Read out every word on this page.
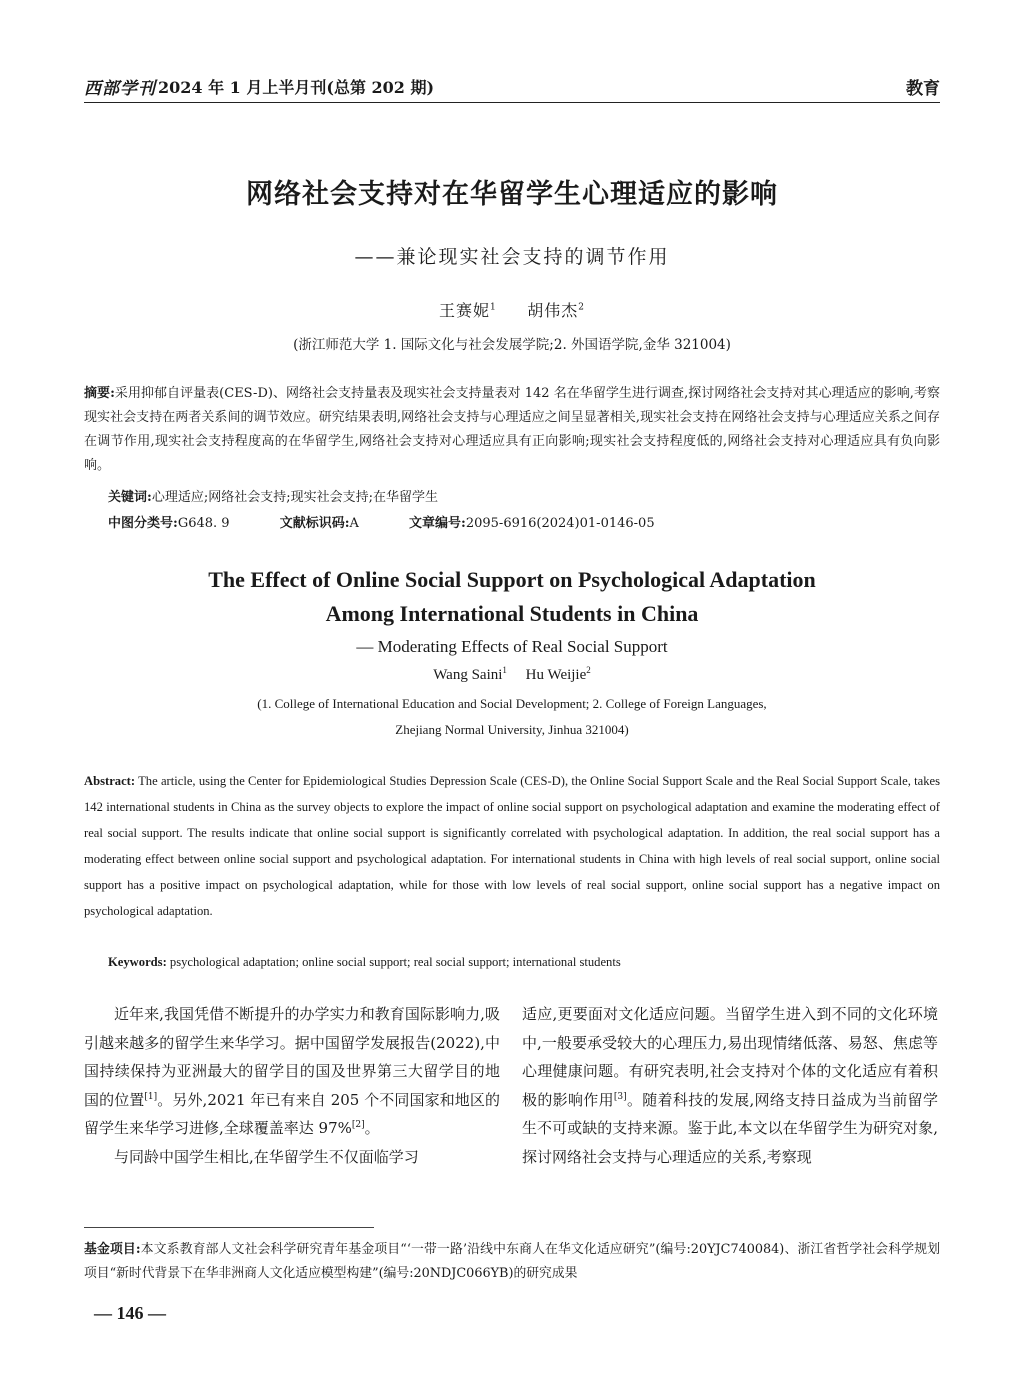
西部学刊 2024 年 1 月上半月刊(总第 202 期)	教育
网络社会支持对在华留学生心理适应的影响
——兼论现实社会支持的调节作用
王赛妮$^1$ 胡伟杰$^2$
(浙江师范大学 1. 国际文化与社会发展学院;2. 外国语学院,金华 321004)
摘要:采用抑郁自评量表(CES-D)、网络社会支持量表及现实社会支持量表对 142 名在华留学生进行调查,探讨网络社会支持对其心理适应的影响,考察现实社会支持在两者关系间的调节效应。研究结果表明,网络社会支持与心理适应之间呈显著相关,现实社会支持在网络社会支持与心理适应关系之间存在调节作用,现实社会支持程度高的在华留学生,网络社会支持对心理适应具有正向影响;现实社会支持程度低的,网络社会支持对心理适应具有负向影响。
关键词:心理适应;网络社会支持;现实社会支持;在华留学生
中图分类号:G648. 9	文献标识码:A	文章编号:2095-6916(2024)01-0146-05
The Effect of Online Social Support on Psychological Adaptation
Among International Students in China
— Moderating Effects of Real Social Support
Wang Saini$^1$ Hu Weijie$^2$
(1. College of International Education and Social Development; 2. College of Foreign Languages,
Zhejiang Normal University, Jinhua 321004)
Abstract: The article, using the Center for Epidemiological Studies Depression Scale (CES-D), the Online Social Support Scale and the Real Social Support Scale, takes 142 international students in China as the survey objects to explore the impact of online social support on psychological adaptation and examine the moderating effect of real social support. The results indicate that online social support is significantly correlated with psychological adaptation. In addition, the real social support has a moderating effect between online social support and psychological adaptation. For international students in China with high levels of real social support, online social support has a positive impact on psychological adaptation, while for those with low levels of real social support, online social support has a negative impact on psychological adaptation.
Keywords: psychological adaptation; online social support; real social support; international students

近年来,我国凭借不断提升的办学实力和教育国际影响力,吸引越来越多的留学生来华学习。据中国留学发展报告(2022),中国持续保持为亚洲最大的留学目的国及世界第三大留学目的地国的位置[1]。另外,2021 年已有来自 205 个不同国家和地区的留学生来华学习进修,全球覆盖率达 97%[2]。

与同龄中国学生相比,在华留学生不仅面临学习

适应,更要面对文化适应问题。当留学生进入到不同的文化环境中,一般要承受较大的心理压力,易出现情绪低落、易怒、焦虑等心理健康问题。有研究表明,社会支持对个体的文化适应有着积极的影响作用[3]。随着科技的发展,网络支持日益成为当前留学生不可或缺的支持来源。鉴于此,本文以在华留学生为研究对象,探讨网络社会支持与心理适应的关系,考察现

基金项目:本文系教育部人文社会科学研究青年基金项目“‘一带一路’沿线中东商人在华文化适应研究”(编号:20YJC740084)、浙江省哲学社会科学规划项目“新时代背景下在华非洲商人文化适应模型构建”(编号:20NDJC066YB)的研究成果
— 146 —
